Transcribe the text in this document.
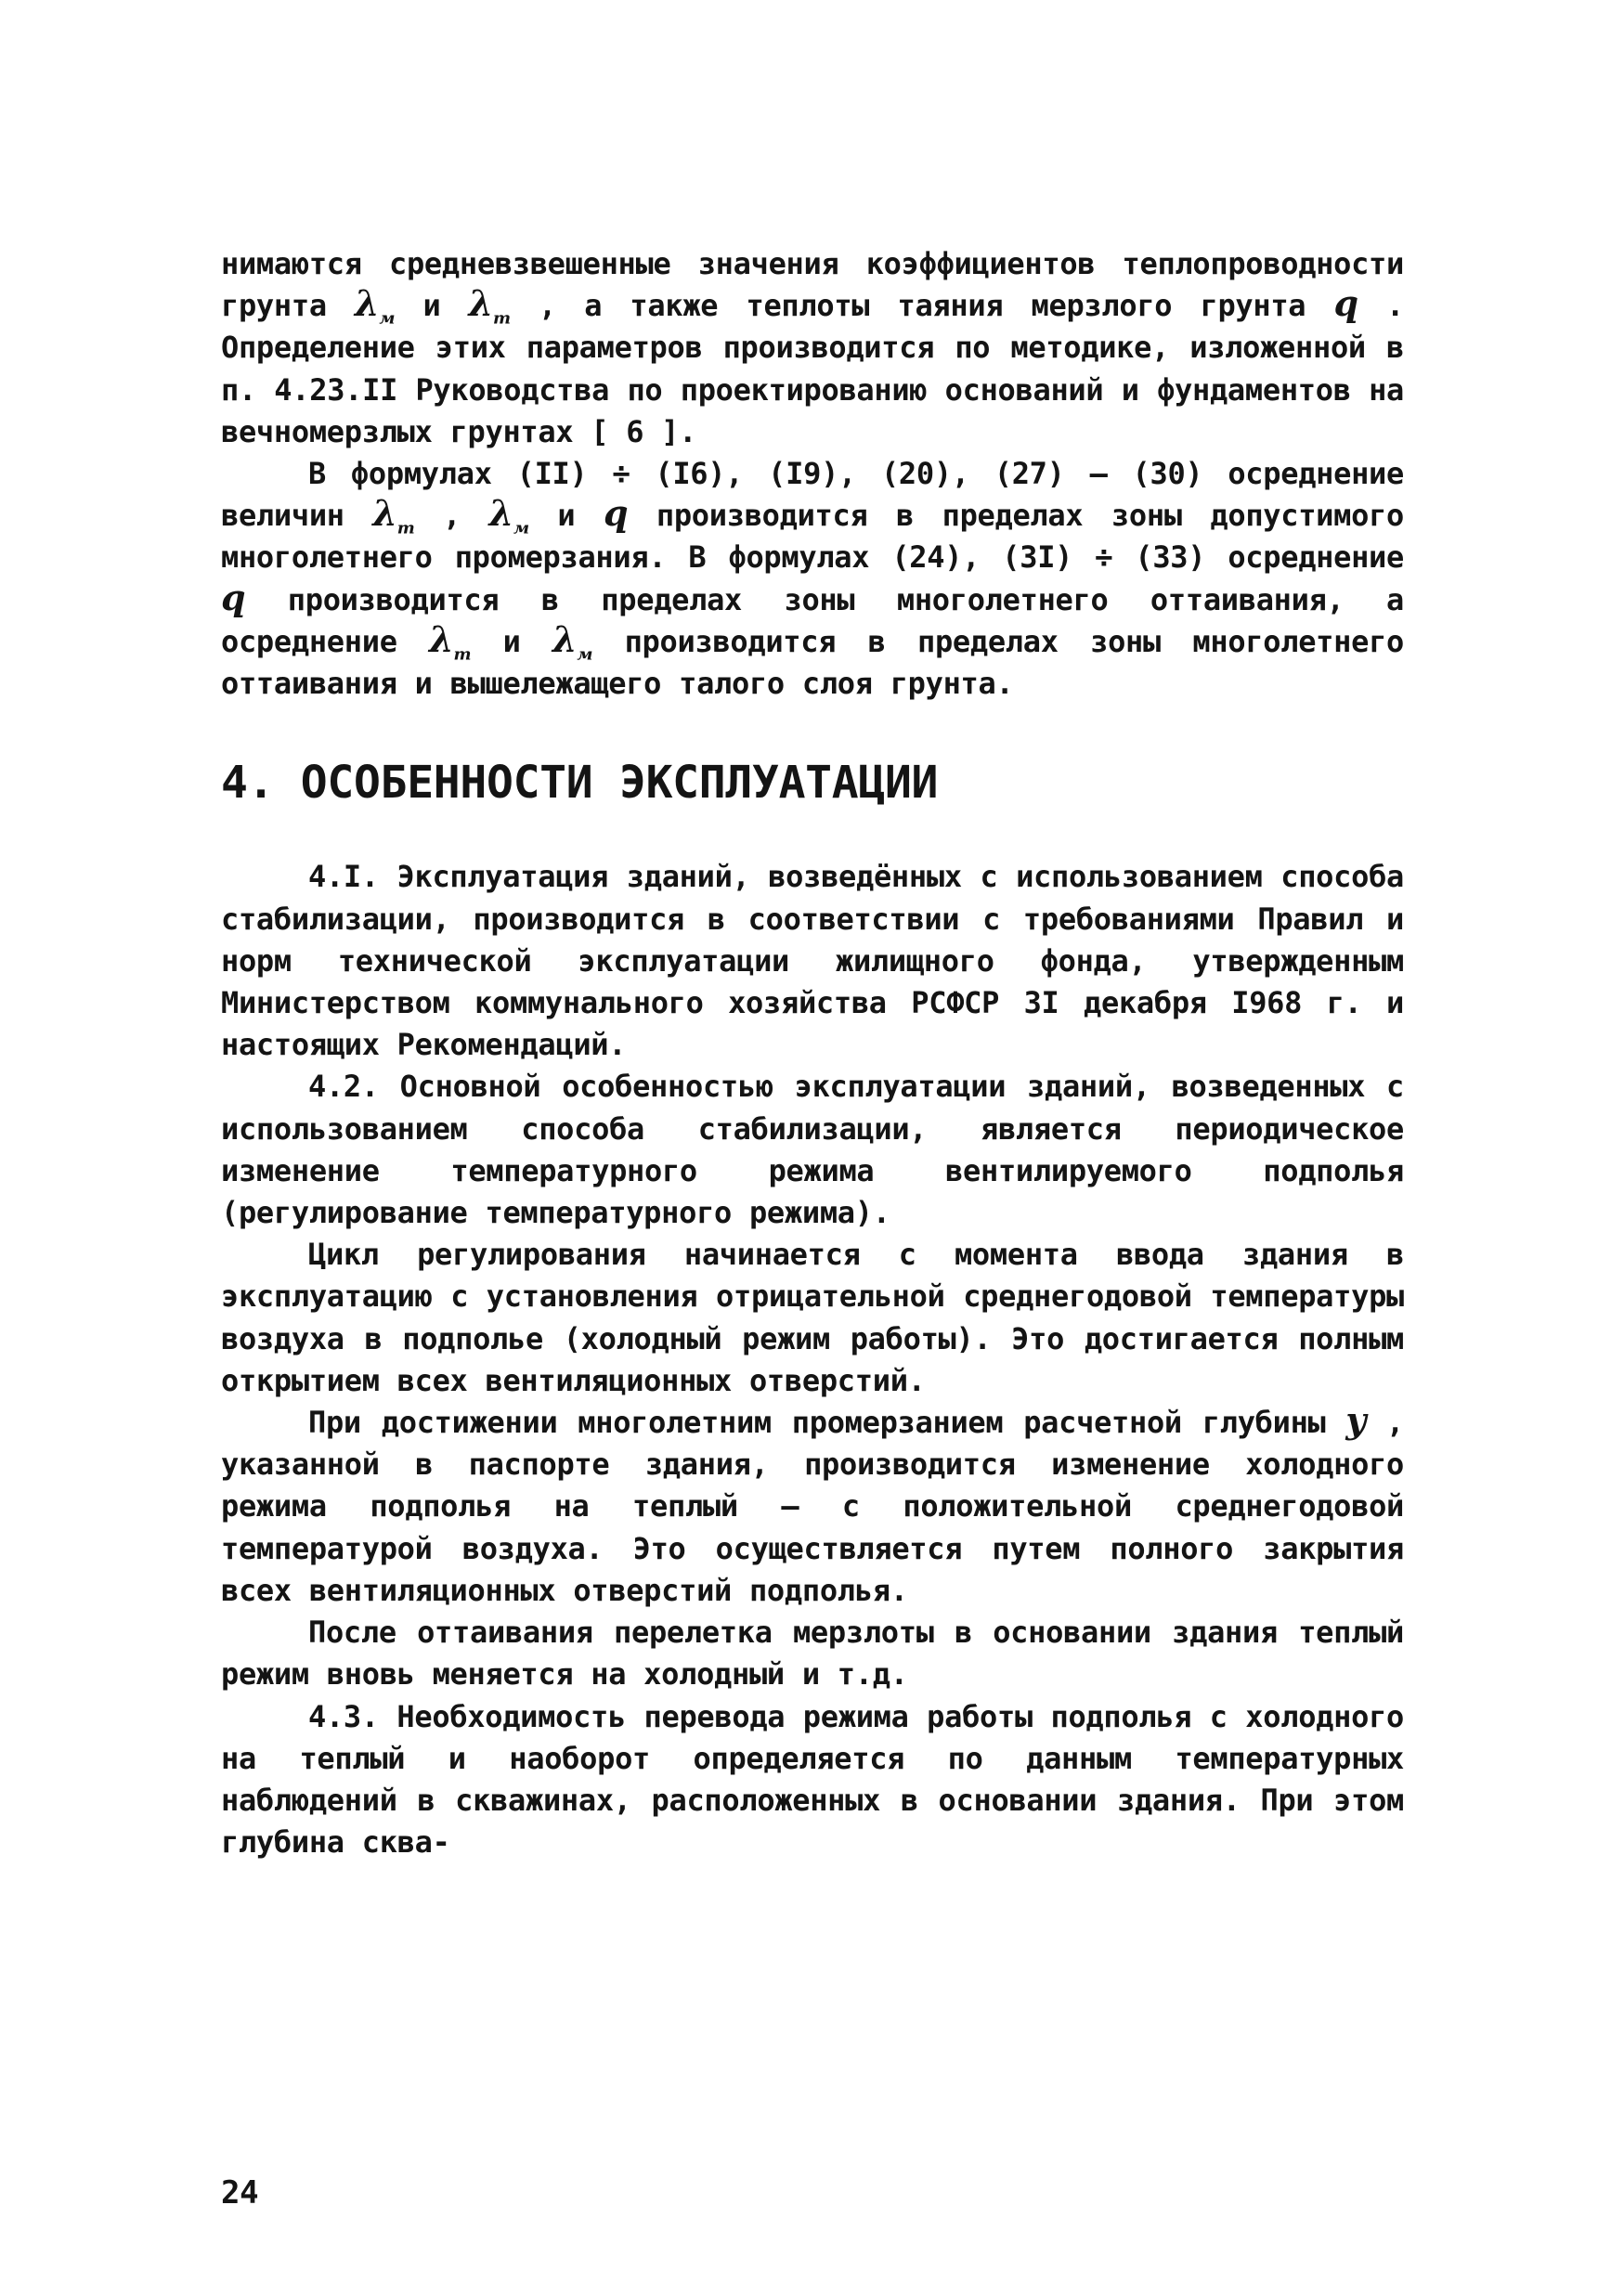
нимаются средневзвешенные значения коэффициентов теплопроводности грунта $\lambda_м$ и $\lambda_т$ , а также теплоты таяния мерзлого грунта q . Определение этих параметров производится по методике, изложенной в п. 4.23.II Руководства по проектированию оснований и фундаментов на вечномерзлых грунтах [ 6 ].

В формулах (II) ÷ (I6), (I9), (20), (27) – (30) осреднение величин $\lambda_т$ , $\lambda_м$ и q производится в пределах зоны допустимого многолетнего промерзания. В формулах (24), (3I) ÷ (33) осреднение q производится в пределах зоны многолетнего оттаивания, а осреднение $\lambda_т$ и $\lambda_м$ производится в пределах зоны многолетнего оттаивания и вышележащего талого слоя грунта.

4. ОСОБЕННОСТИ ЭКСПЛУАТАЦИИ

4.I. Эксплуатация зданий, возведённых с использованием способа стабилизации, производится в соответствии с требованиями Правил и норм технической эксплуатации жилищного фонда, утвержденным Министерством коммунального хозяйства РСФСР 3I декабря I968 г. и настоящих Рекомендаций.

4.2. Основной особенностью эксплуатации зданий, возведенных с использованием способа стабилизации, является периодическое изменение температурного режима вентилируемого подполья (регулирование температурного режима).

Цикл регулирования начинается с момента ввода здания в эксплуатацию с установления отрицательной среднегодовой температуры воздуха в подполье (холодный режим работы). Это достигается полным открытием всех вентиляционных отверстий.

При достижении многолетним промерзанием расчетной глубины y , указанной в паспорте здания, производится изменение холодного режима подполья на теплый – с положительной среднегодовой температурой воздуха. Это осуществляется путем полного закрытия всех вентиляционных отверстий подполья.

После оттаивания перелетка мерзлоты в основании здания теплый режим вновь меняется на холодный и т.д.

4.3. Необходимость перевода режима работы подполья с холодного на теплый и наоборот определяется по данным температурных наблюдений в скважинах, расположенных в основании здания. При этом глубина сква-

24
